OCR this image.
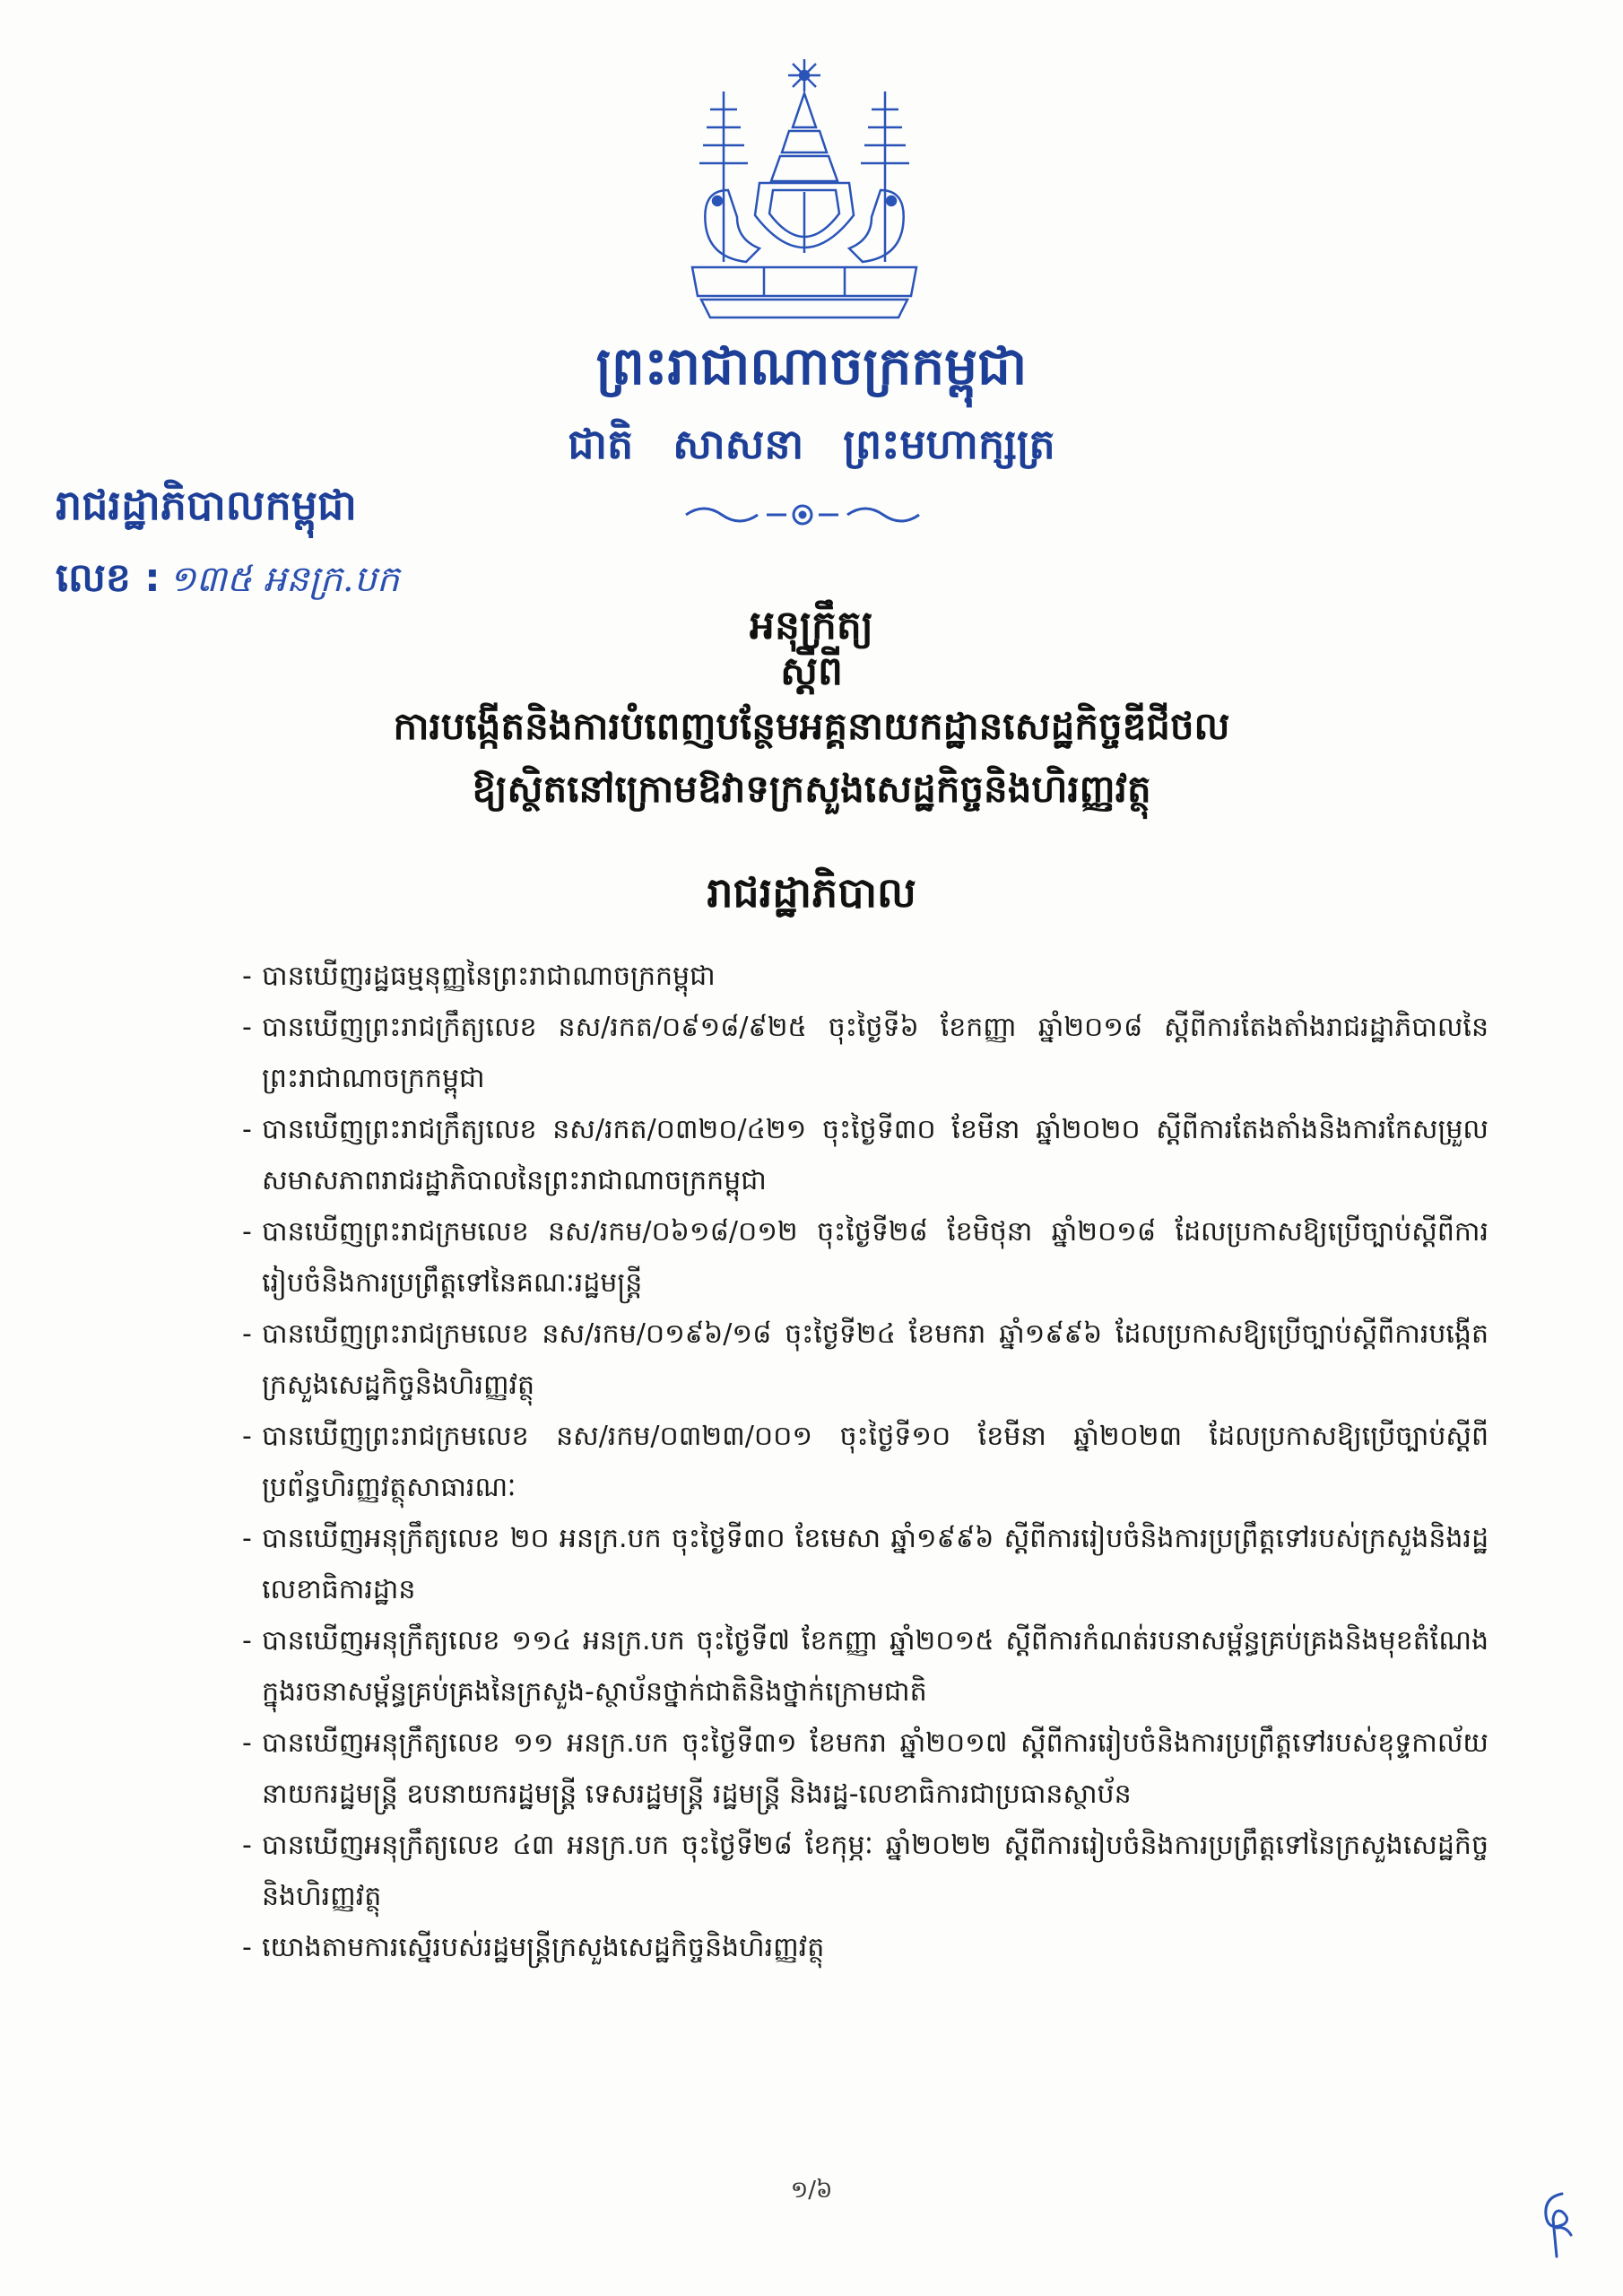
ព្រះរាជាណាចក្រកម្ពុជា
ជាតិ សាសនា ព្រះមហាក្សត្រ
រាជរដ្ឋាភិបាលកម្ពុជា
លេខ : ១៣៥ អនក្រ.បក
អនុក្រឹត្យ
ស្ដីពី
ការបង្កើតនិងការបំពេញបន្ថែមអគ្គនាយកដ្ឋានសេដ្ឋកិច្ចឌីជីថល
ឱ្យស្ថិតនៅក្រោមឱវាទក្រសួងសេដ្ឋកិច្ចនិងហិរញ្ញវត្ថុ
រាជរដ្ឋាភិបាល
- បានឃើញរដ្ឋធម្មនុញ្ញនៃព្រះរាជាណាចក្រកម្ពុជា
- បានឃើញព្រះរាជក្រឹត្យលេខ នស/រកត/០៩១៨/៩២៥ ចុះថ្ងៃទី៦ ខែកញ្ញា ឆ្នាំ២០១៨ ស្តីពីការតែងតាំងរាជរដ្ឋាភិបាលនៃព្រះរាជាណាចក្រកម្ពុជា
- បានឃើញព្រះរាជក្រឹត្យលេខ នស/រកត/០៣២០/៤២១ ចុះថ្ងៃទី៣០ ខែមីនា ឆ្នាំ២០២០ ស្តីពីការតែងតាំងនិងការកែសម្រួលសមាសភាពរាជរដ្ឋាភិបាលនៃព្រះរាជាណាចក្រកម្ពុជា
- បានឃើញព្រះរាជក្រមលេខ នស/រកម/០៦១៨/០១២ ចុះថ្ងៃទី២៨ ខែមិថុនា ឆ្នាំ២០១៨ ដែលប្រកាសឱ្យប្រើច្បាប់ស្តីពីការរៀបចំនិងការប្រព្រឹត្តទៅនៃគណៈរដ្ឋមន្ត្រី
- បានឃើញព្រះរាជក្រមលេខ នស/រកម/០១៩៦/១៨ ចុះថ្ងៃទី២៤ ខែមករា ឆ្នាំ១៩៩៦ ដែលប្រកាសឱ្យប្រើច្បាប់ស្តីពីការបង្កើតក្រសួងសេដ្ឋកិច្ចនិងហិរញ្ញវត្ថុ
- បានឃើញព្រះរាជក្រមលេខ នស/រកម/០៣២៣/០០១ ចុះថ្ងៃទី១០ ខែមីនា ឆ្នាំ២០២៣ ដែលប្រកាសឱ្យប្រើច្បាប់ស្តីពីប្រព័ន្ធហិរញ្ញវត្ថុសាធារណៈ
- បានឃើញអនុក្រឹត្យលេខ ២០ អនក្រ.បក ចុះថ្ងៃទី៣០ ខែមេសា ឆ្នាំ១៩៩៦ ស្តីពីការរៀបចំនិងការប្រព្រឹត្តទៅរបស់ក្រសួងនិងរដ្ឋលេខាធិការដ្ឋាន
- បានឃើញអនុក្រឹត្យលេខ ១១៤ អនក្រ.បក ចុះថ្ងៃទី៧ ខែកញ្ញា ឆ្នាំ២០១៥ ស្តីពីការកំណត់របនាសម្ព័ន្ធគ្រប់គ្រងនិងមុខតំណែងក្នុងរចនាសម្ព័ន្ធគ្រប់គ្រងនៃក្រសួង-ស្ថាប័នថ្នាក់ជាតិនិងថ្នាក់ក្រោមជាតិ
- បានឃើញអនុក្រឹត្យលេខ ១១ អនក្រ.បក ចុះថ្ងៃទី៣១ ខែមករា ឆ្នាំ២០១៧ ស្តីពីការរៀបចំនិងការប្រព្រឹត្តទៅរបស់ខុទ្ទកាល័យនាយករដ្ឋមន្ត្រី ឧបនាយករដ្ឋមន្ត្រី ទេសរដ្ឋមន្ត្រី រដ្ឋមន្ត្រី និងរដ្ឋ-លេខាធិការជាប្រធានស្ថាប័ន
- បានឃើញអនុក្រឹត្យលេខ ៤៣ អនក្រ.បក ចុះថ្ងៃទី២៨ ខែកុម្ភៈ ឆ្នាំ២០២២ ស្តីពីការរៀបចំនិងការប្រព្រឹត្តទៅនៃក្រសួងសេដ្ឋកិច្ចនិងហិរញ្ញវត្ថុ
- យោងតាមការស្នើរបស់រដ្ឋមន្ត្រីក្រសួងសេដ្ឋកិច្ចនិងហិរញ្ញវត្ថុ
១/៦
